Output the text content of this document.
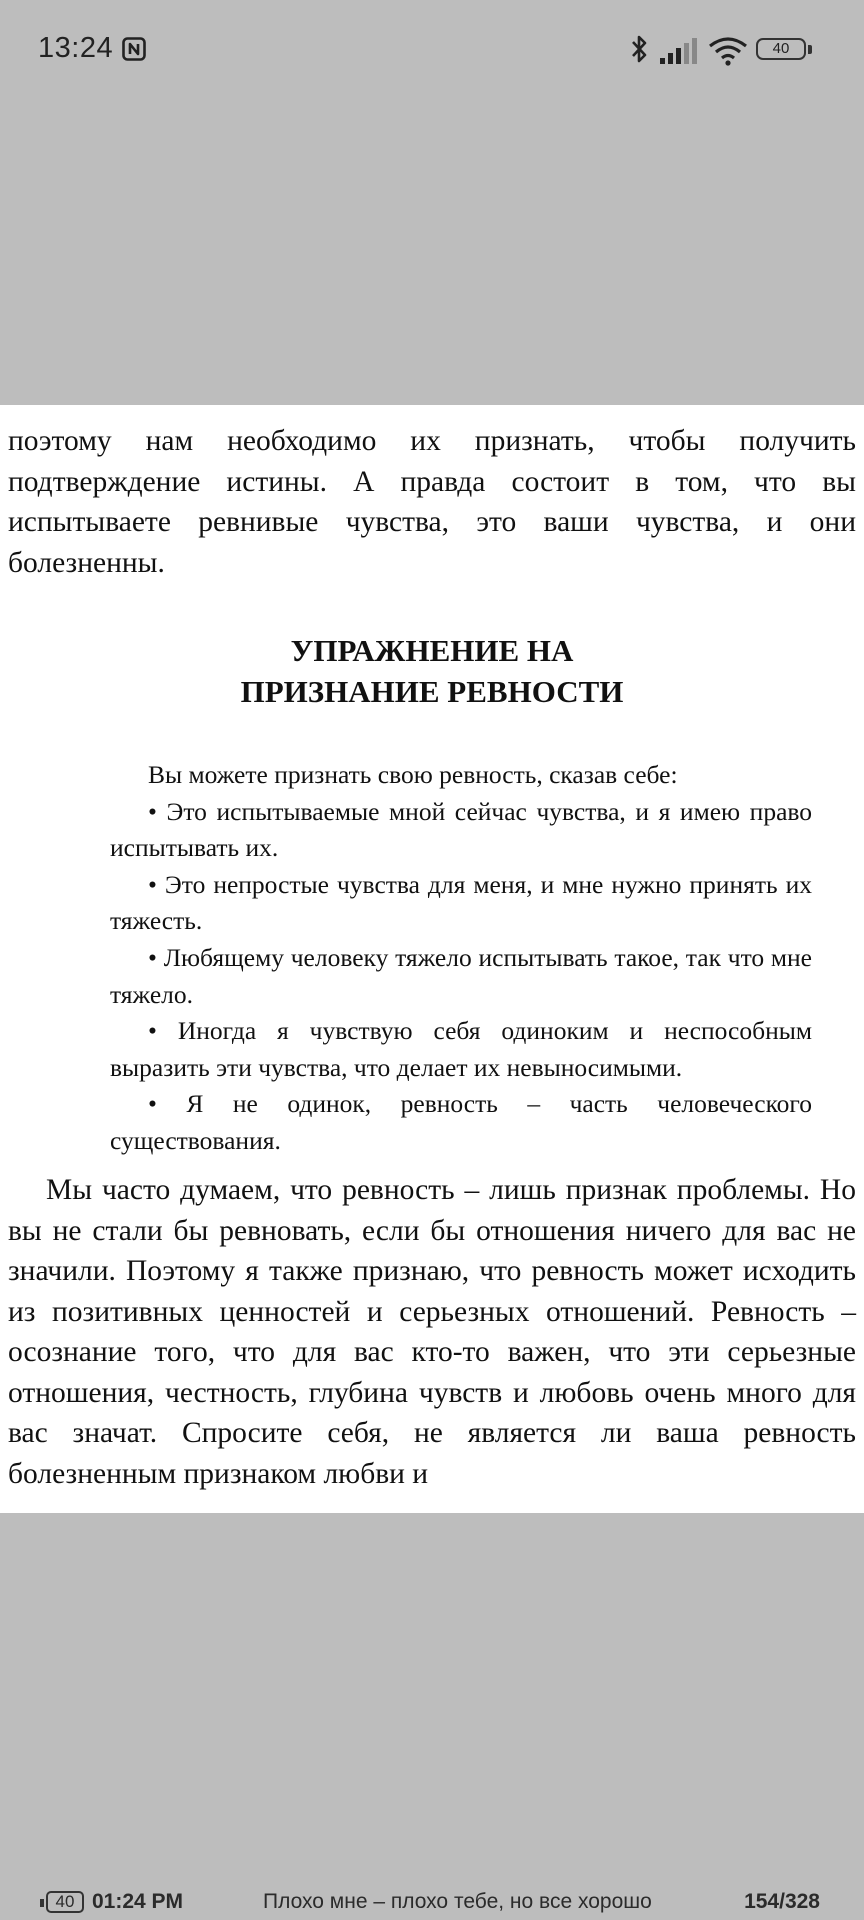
13:24	40

поэтому нам необходимо их признать, чтобы получить подтверждение истины. А правда состоит в том, что вы испытываете ревнивые чувства, это ваши чувства, и они болезненны.

УПРАЖНЕНИЕ НА
ПРИЗНАНИЕ РЕВНОСТИ

Вы можете признать свою ревность, сказав себе:

• Это испытываемые мной сейчас чувства, и я имею право испытывать их.

• Это непростые чувства для меня, и мне нужно принять их тяжесть.

• Любящему человеку тяжело испытывать такое, так что мне тяжело.

• Иногда я чувствую себя одиноким и неспособным выразить эти чувства, что делает их невыносимыми.

• Я не одинок, ревность – часть человеческого существования.

Мы часто думаем, что ревность – лишь признак проблемы. Но вы не стали бы ревновать, если бы отношения ничего для вас не значили. Поэтому я также признаю, что ревность может исходить из позитивных ценностей и серьезных отношений. Ревность – осознание того, что для вас кто-то важен, что эти серьезные отношения, честность, глубина чувств и любовь очень много для вас значат. Спросите себя, не является ли ваша ревность болезненным признаком любви и

40 01:24 PM	Плохо мне – плохо тебе, но все хорошо	154/328
